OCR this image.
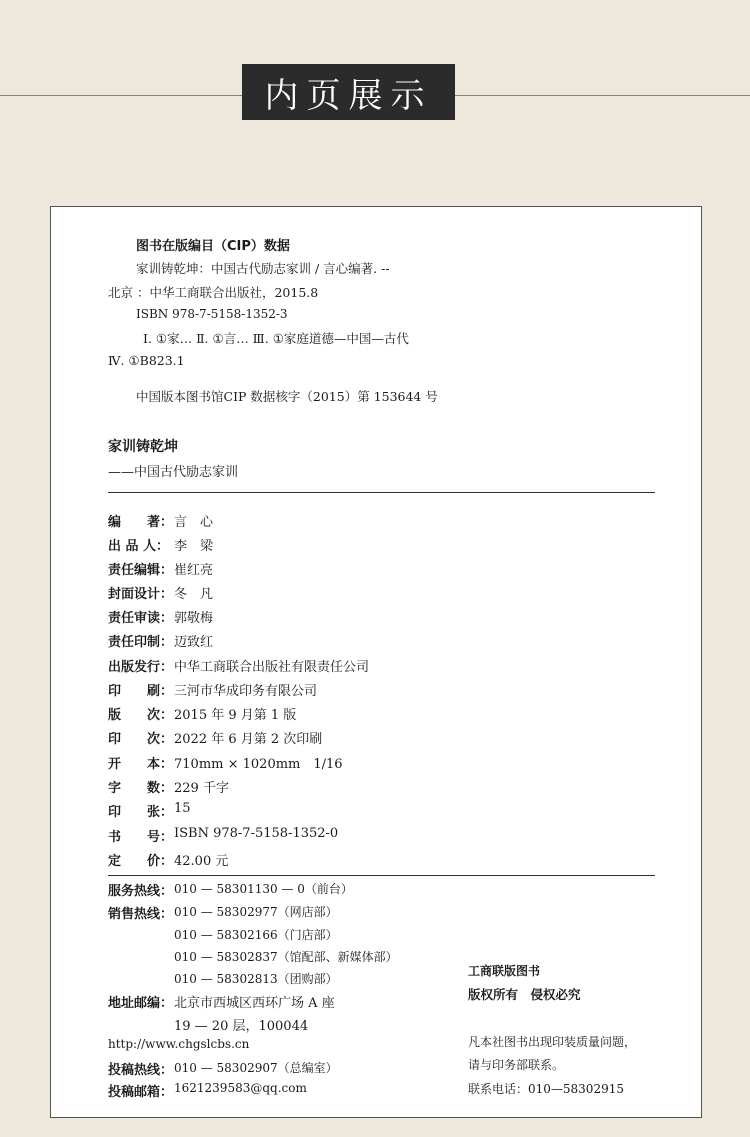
内页展示
图书在版编目（CIP）数据
家训铸乾坤：中国古代励志家训 / 言心编著. --
北京 ：中华工商联合出版社，2015.8
ISBN 978-7-5158-1352-3
Ⅰ. ①家… Ⅱ. ①言… Ⅲ. ①家庭道德—中国—古代
Ⅳ. ①B823.1
中国版本图书馆CIP 数据核字（2015）第 153644 号
家训铸乾坤
——中国古代励志家训
编　　著： 言　心
出 品 人： 李　梁
责任编辑： 崔红亮
封面设计： 冬　凡
责任审读： 郭敬梅
责任印制： 迈致红
出版发行： 中华工商联合出版社有限责任公司
印　　刷： 三河市华成印务有限公司
版　　次： 2015 年 9 月第 1 版
印　　次： 2022 年 6 月第 2 次印刷
开　　本： 710mm × 1020mm　1/16
字　　数： 229 千字
印　　张： 15
书　　号： ISBN 978-7-5158-1352-0
定　　价： 42.00 元
服务热线： 010 — 58301130 — 0（前台）
销售热线： 010 — 58302977（网店部）
010 — 58302166（门店部）
010 — 58302837（馆配部、新媒体部）
010 — 58302813（团购部）
地址邮编： 北京市西城区西环广场 A 座
19 — 20 层，100044
http://www.chgslcbs.cn
投稿热线： 010 — 58302907（总编室）
投稿邮箱： 1621239583@qq.com
工商联版图书
版权所有　侵权必究
凡本社图书出现印装质量问题，
请与印务部联系。
联系电话：010—58302915
